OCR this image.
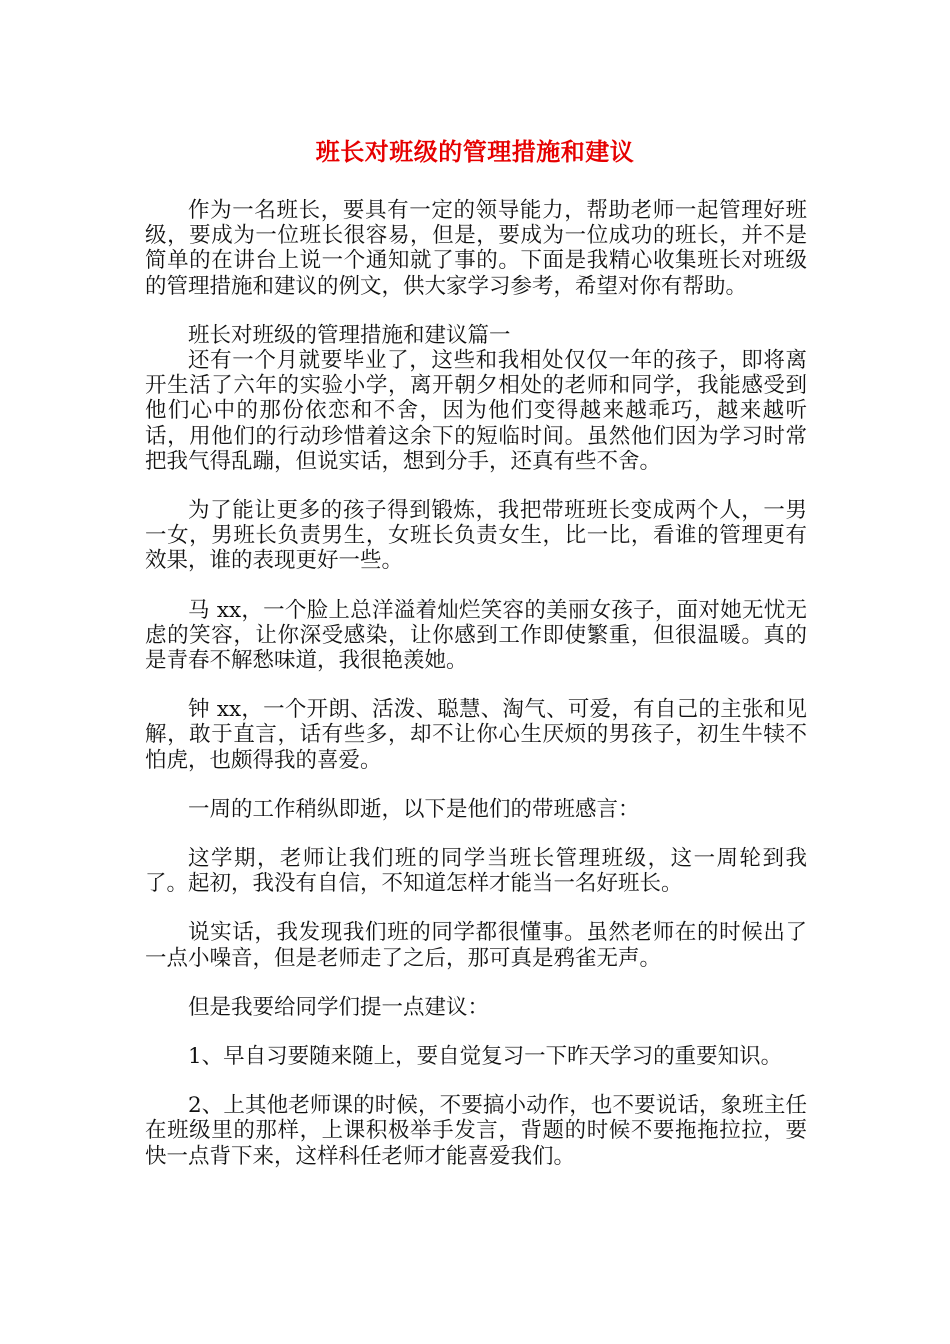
班长对班级的管理措施和建议

作为一名班长，要具有一定的领导能力，帮助老师一起管理好班级，要成为一位班长很容易，但是，要成为一位成功的班长，并不是简单的在讲台上说一个通知就了事的。下面是我精心收集班长对班级的管理措施和建议的例文，供大家学习参考，希望对你有帮助。

班长对班级的管理措施和建议篇一

还有一个月就要毕业了，这些和我相处仅仅一年的孩子，即将离开生活了六年的实验小学，离开朝夕相处的老师和同学，我能感受到他们心中的那份依恋和不舍，因为他们变得越来越乖巧，越来越听话，用他们的行动珍惜着这余下的短临时间。虽然他们因为学习时常把我气得乱蹦，但说实话，想到分手，还真有些不舍。

为了能让更多的孩子得到锻炼，我把带班班长变成两个人，一男一女，男班长负责男生，女班长负责女生，比一比，看谁的管理更有效果，谁的表现更好一些。

马 xx，一个脸上总洋溢着灿烂笑容的美丽女孩子，面对她无忧无虑的笑容，让你深受感染，让你感到工作即使繁重，但很温暖。真的是青春不解愁味道，我很艳羡她。

钟 xx，一个开朗、活泼、聪慧、淘气、可爱，有自己的主张和见解，敢于直言，话有些多，却不让你心生厌烦的男孩子，初生牛犊不怕虎，也颇得我的喜爱。

一周的工作稍纵即逝，以下是他们的带班感言：

这学期，老师让我们班的同学当班长管理班级，这一周轮到我了。起初，我没有自信，不知道怎样才能当一名好班长。

说实话，我发现我们班的同学都很懂事。虽然老师在的时候出了一点小噪音，但是老师走了之后，那可真是鸦雀无声。

但是我要给同学们提一点建议：

1、早自习要随来随上，要自觉复习一下昨天学习的重要知识。

2、上其他老师课的时候，不要搞小动作，也不要说话，象班主任在班级里的那样，上课积极举手发言，背题的时候不要拖拖拉拉，要快一点背下来，这样科任老师才能喜爱我们。
